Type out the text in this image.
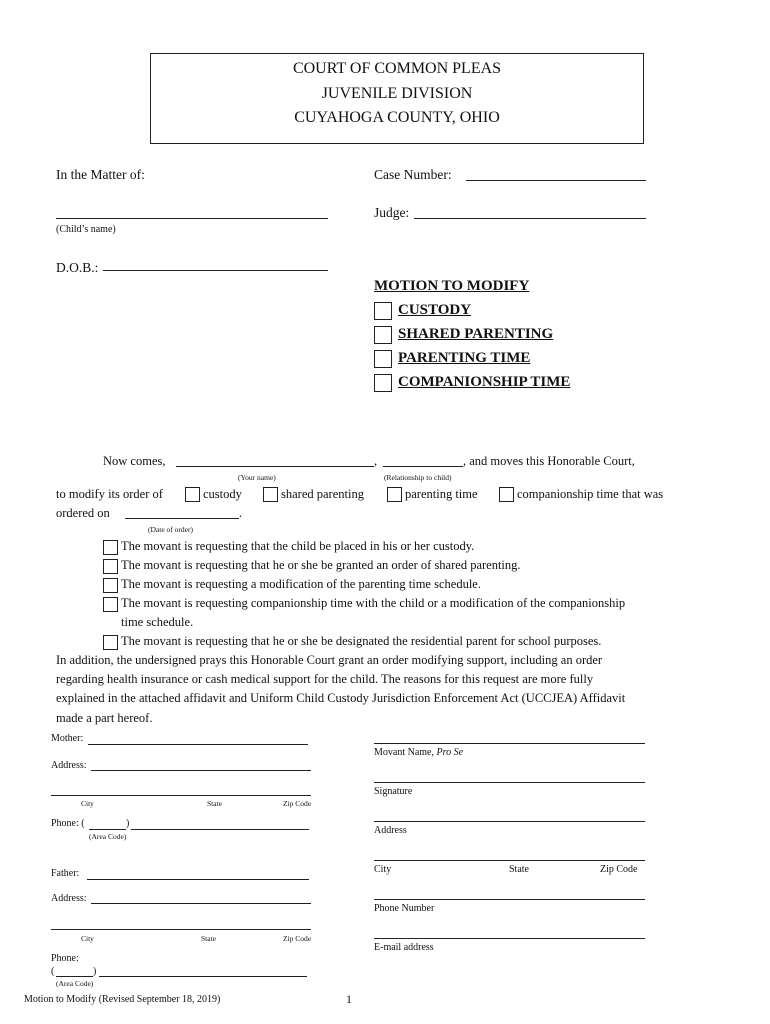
COURT OF COMMON PLEAS
JUVENILE DIVISION
CUYAHOGA COUNTY, OHIO
In the Matter of:	Case Number:
(Child’s name)
Judge:
D.O.B.:
MOTION TO MODIFY
CUSTODY
SHARED PARENTING
PARENTING TIME
COMPANIONSHIP TIME
Now comes,	,	, and moves this Honorable Court,
(Your name)	(Relationship to child)
to modify its order of	custody	shared parenting	parenting time	companionship time that was
ordered on	.
(Date of order)
The movant is requesting that the child be placed in his or her custody.
The movant is requesting that he or she be granted an order of shared parenting.
The movant is requesting a modification of the parenting time schedule.
The movant is requesting companionship time with the child or a modification of the companionship
time schedule.
The movant is requesting that he or she be designated the residential parent for school purposes.
In addition, the undersigned prays this Honorable Court grant an order modifying support, including an order
regarding health insurance or cash medical support for the child. The reasons for this request are more fully
explained in the attached affidavit and Uniform Child Custody Jurisdiction Enforcement Act (UCCJEA) Affidavit
made a part hereof.
Mother:
Address:
City	State	Zip Code
Phone: (	)
(Area Code)
Father:
Address:
City	State	Zip Code
Phone:
(	)
(Area Code)
Movant Name, Pro Se
Signature
Address
City	State	Zip Code
Phone Number
E-mail address
Motion to Modify (Revised September 18, 2019)	1
